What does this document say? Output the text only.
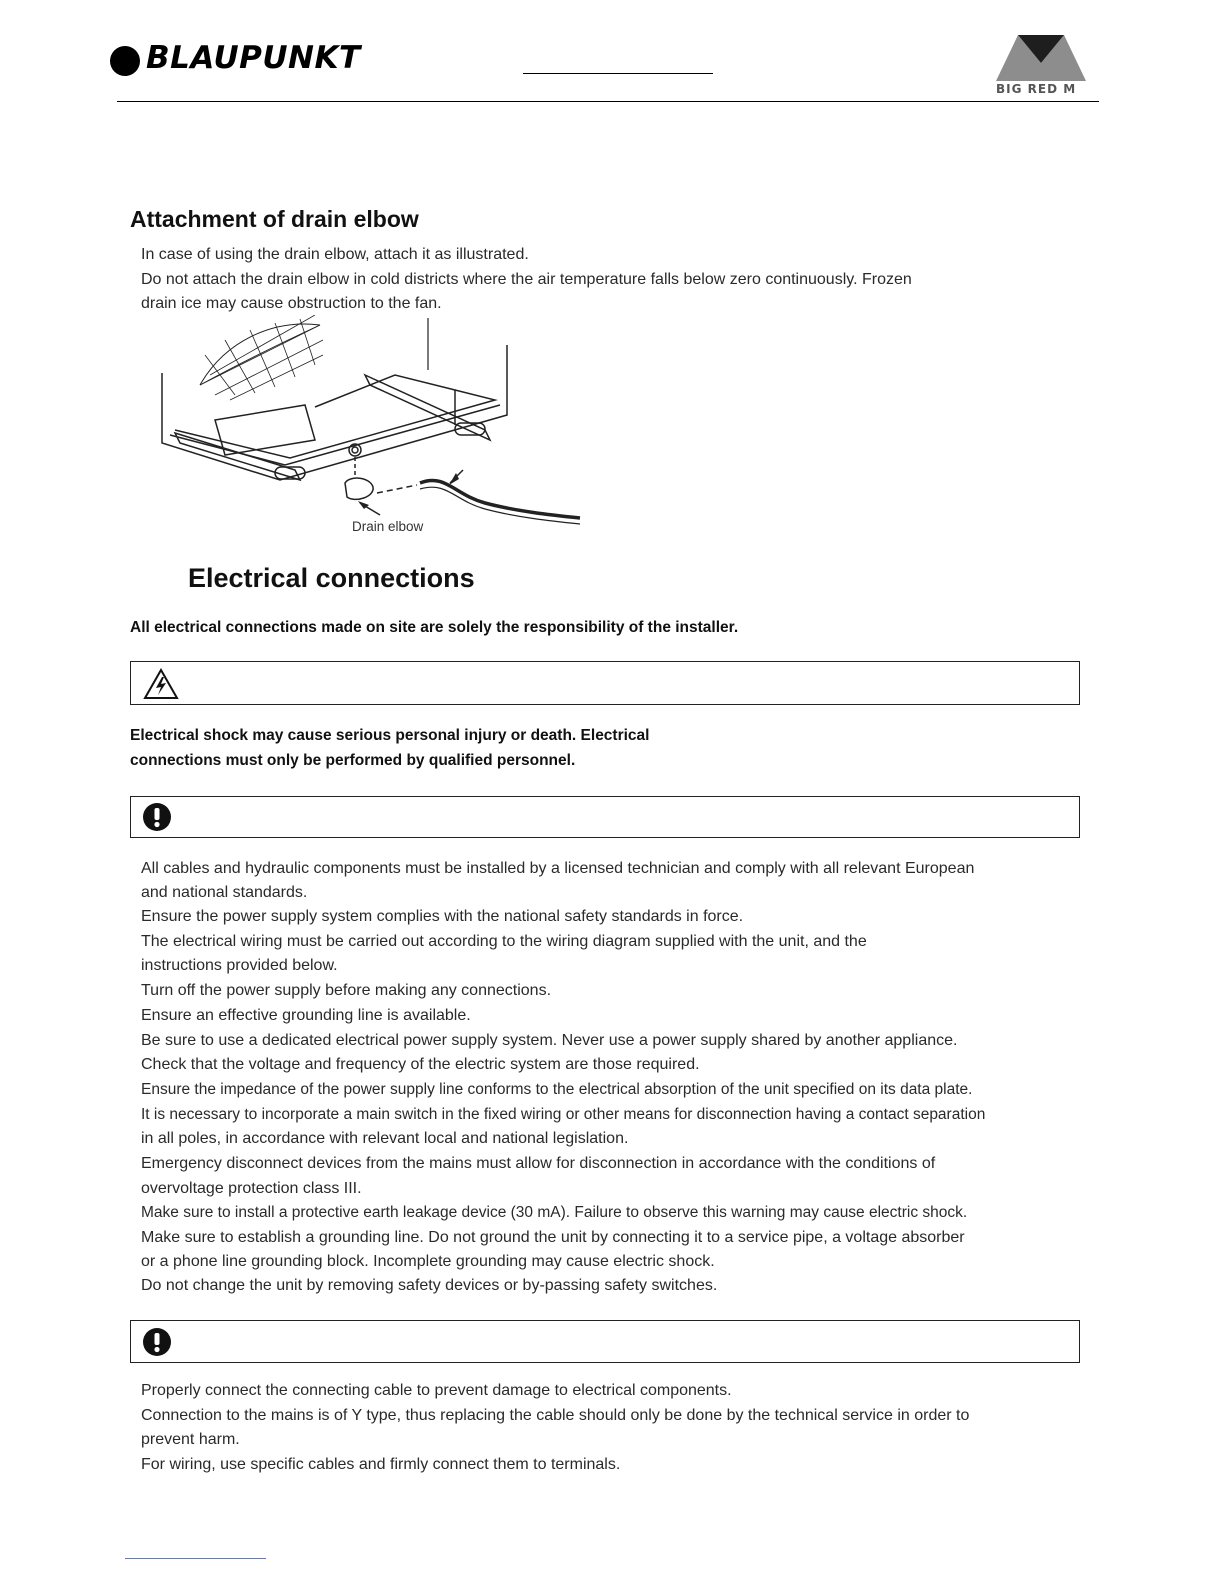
BLAUPUNKT
BIG RED M
Attachment of drain elbow
In case of using the drain elbow, attach it as illustrated.
Do not attach the drain elbow in cold districts where the air temperature falls below zero continuously. Frozen
drain ice may cause obstruction to the fan.
Drain elbow
Electrical connections
All electrical connections made on site are solely the responsibility of the installer.
Electrical shock may cause serious personal injury or death. Electrical
connections must only be performed by qualified personnel.
All cables and hydraulic components must be installed by a licensed technician and comply with all relevant European
and national standards.
Ensure the power supply system complies with the national safety standards in force.
The electrical wiring must be carried out according to the wiring diagram supplied with the unit, and the
instructions provided below.
Turn off the power supply before making any connections.
Ensure an effective grounding line is available.
Be sure to use a dedicated electrical power supply system. Never use a power supply shared by another appliance.
Check that the voltage and frequency of the electric system are those required.
Ensure the impedance of the power supply line conforms to the electrical absorption of the unit specified on its data plate.
It is necessary to incorporate a main switch in the fixed wiring or other means for disconnection having a contact separation
in all poles, in accordance with relevant local and national legislation.
Emergency disconnect devices from the mains must allow for disconnection in accordance with the conditions of
overvoltage protection class III.
Make sure to install a protective earth leakage device (30 mA). Failure to observe this warning may cause electric shock.
Make sure to establish a grounding line. Do not ground the unit by connecting it to a service pipe, a voltage absorber
or a phone line grounding block. Incomplete grounding may cause electric shock.
Do not change the unit by removing safety devices or by-passing safety switches.
Properly connect the connecting cable to prevent damage to electrical components.
Connection to the mains is of Y type, thus replacing the cable should only be done by the technical service in order to
prevent harm.
For wiring, use specific cables and firmly connect them to terminals.
